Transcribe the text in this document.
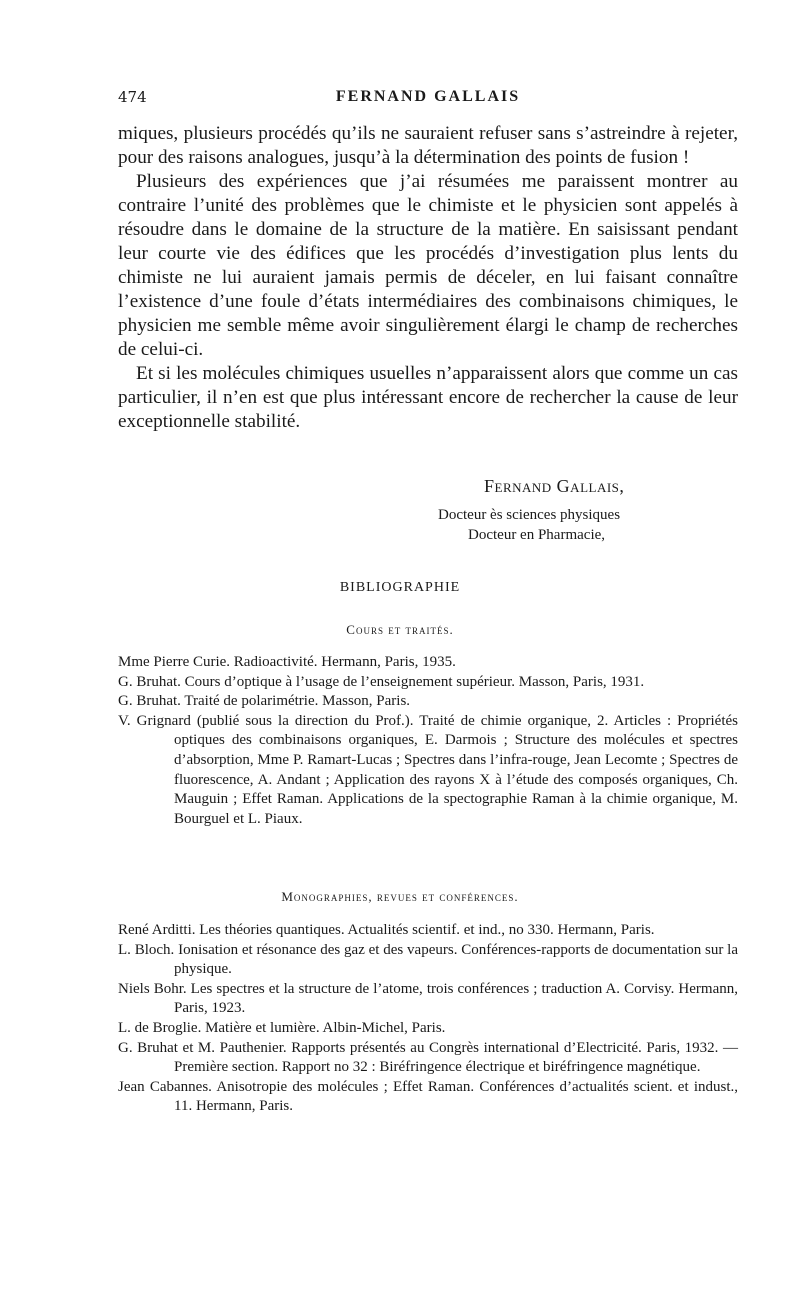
474	FERNAND GALLAIS

miques, plusieurs procédés qu’ils ne sauraient refuser sans s’astreindre à rejeter, pour des raisons analogues, jusqu’à la détermination des points de fusion !

Plusieurs des expériences que j’ai résumées me paraissent montrer au contraire l’unité des problèmes que le chimiste et le physicien sont appelés à résoudre dans le domaine de la structure de la matière. En saisissant pendant leur courte vie des édifices que les procédés d’investigation plus lents du chimiste ne lui auraient jamais permis de déceler, en lui faisant connaître l’existence d’une foule d’états intermédiaires des combinaisons chimiques, le physicien me semble même avoir singulièrement élargi le champ de recherches de celui-ci.

Et si les molécules chimiques usuelles n’apparaissent alors que comme un cas particulier, il n’en est que plus intéressant encore de rechercher la cause de leur exceptionnelle stabilité.

Fernand Gallais,
Docteur ès sciences physiques
Docteur en Pharmacie,
BIBLIOGRAPHIE
Cours et traités.

Mme Pierre Curie. Radioactivité. Hermann, Paris, 1935.

G. Bruhat. Cours d’optique à l’usage de l’enseignement supérieur. Masson, Paris, 1931.

G. Bruhat. Traité de polarimétrie. Masson, Paris.

V. Grignard (publié sous la direction du Prof.). Traité de chimie organique, 2. Articles : Propriétés optiques des combinaisons organiques, E. Darmois ; Structure des molécules et spectres d’absorption, Mme P. Ramart-Lucas ; Spectres dans l’infra-rouge, Jean Lecomte ; Spectres de fluorescence, A. Andant ; Application des rayons X à l’étude des composés organiques, Ch. Mauguin ; Effet Raman. Applications de la spectographie Raman à la chimie organique, M. Bourguel et L. Piaux.

Monographies, revues et conférences.

René Arditti. Les théories quantiques. Actualités scientif. et ind., no 330. Hermann, Paris.

L. Bloch. Ionisation et résonance des gaz et des vapeurs. Conférences-rapports de documentation sur la physique.

Niels Bohr. Les spectres et la structure de l’atome, trois conférences ; traduction A. Corvisy. Hermann, Paris, 1923.

L. de Broglie. Matière et lumière. Albin-Michel, Paris.

G. Bruhat et M. Pauthenier. Rapports présentés au Congrès international d’Electricité. Paris, 1932. — Première section. Rapport no 32 : Biréfringence électrique et biréfringence magnétique.

Jean Cabannes. Anisotropie des molécules ; Effet Raman. Conférences d’actualités scient. et indust., 11. Hermann, Paris.
